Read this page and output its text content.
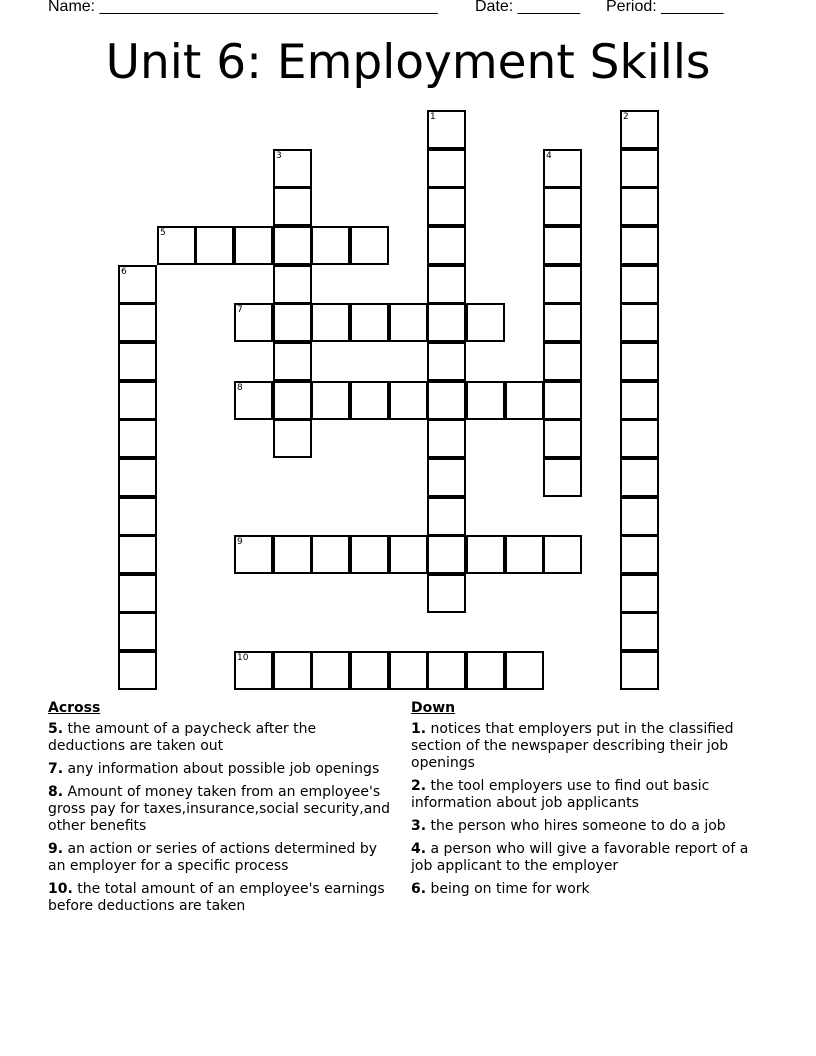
Name: ______________________________________ Date: _______ Period: _______
Unit 6: Employment Skills
1	2
3	4
5
6
7
8
9
10
Across
5. the amount of a paycheck after the deductions are taken out
7. any information about possible job openings
8. Amount of money taken from an employee's gross pay for taxes,insurance,social security,and other benefits
9. an action or series of actions determined by an employer for a specific process
10. the total amount of an employee's earnings before deductions are taken
Down
1. notices that employers put in the classified section of the newspaper describing their job openings
2. the tool employers use to find out basic information about job applicants
3. the person who hires someone to do a job
4. a person who will give a favorable report of a job applicant to the employer
6. being on time for work
